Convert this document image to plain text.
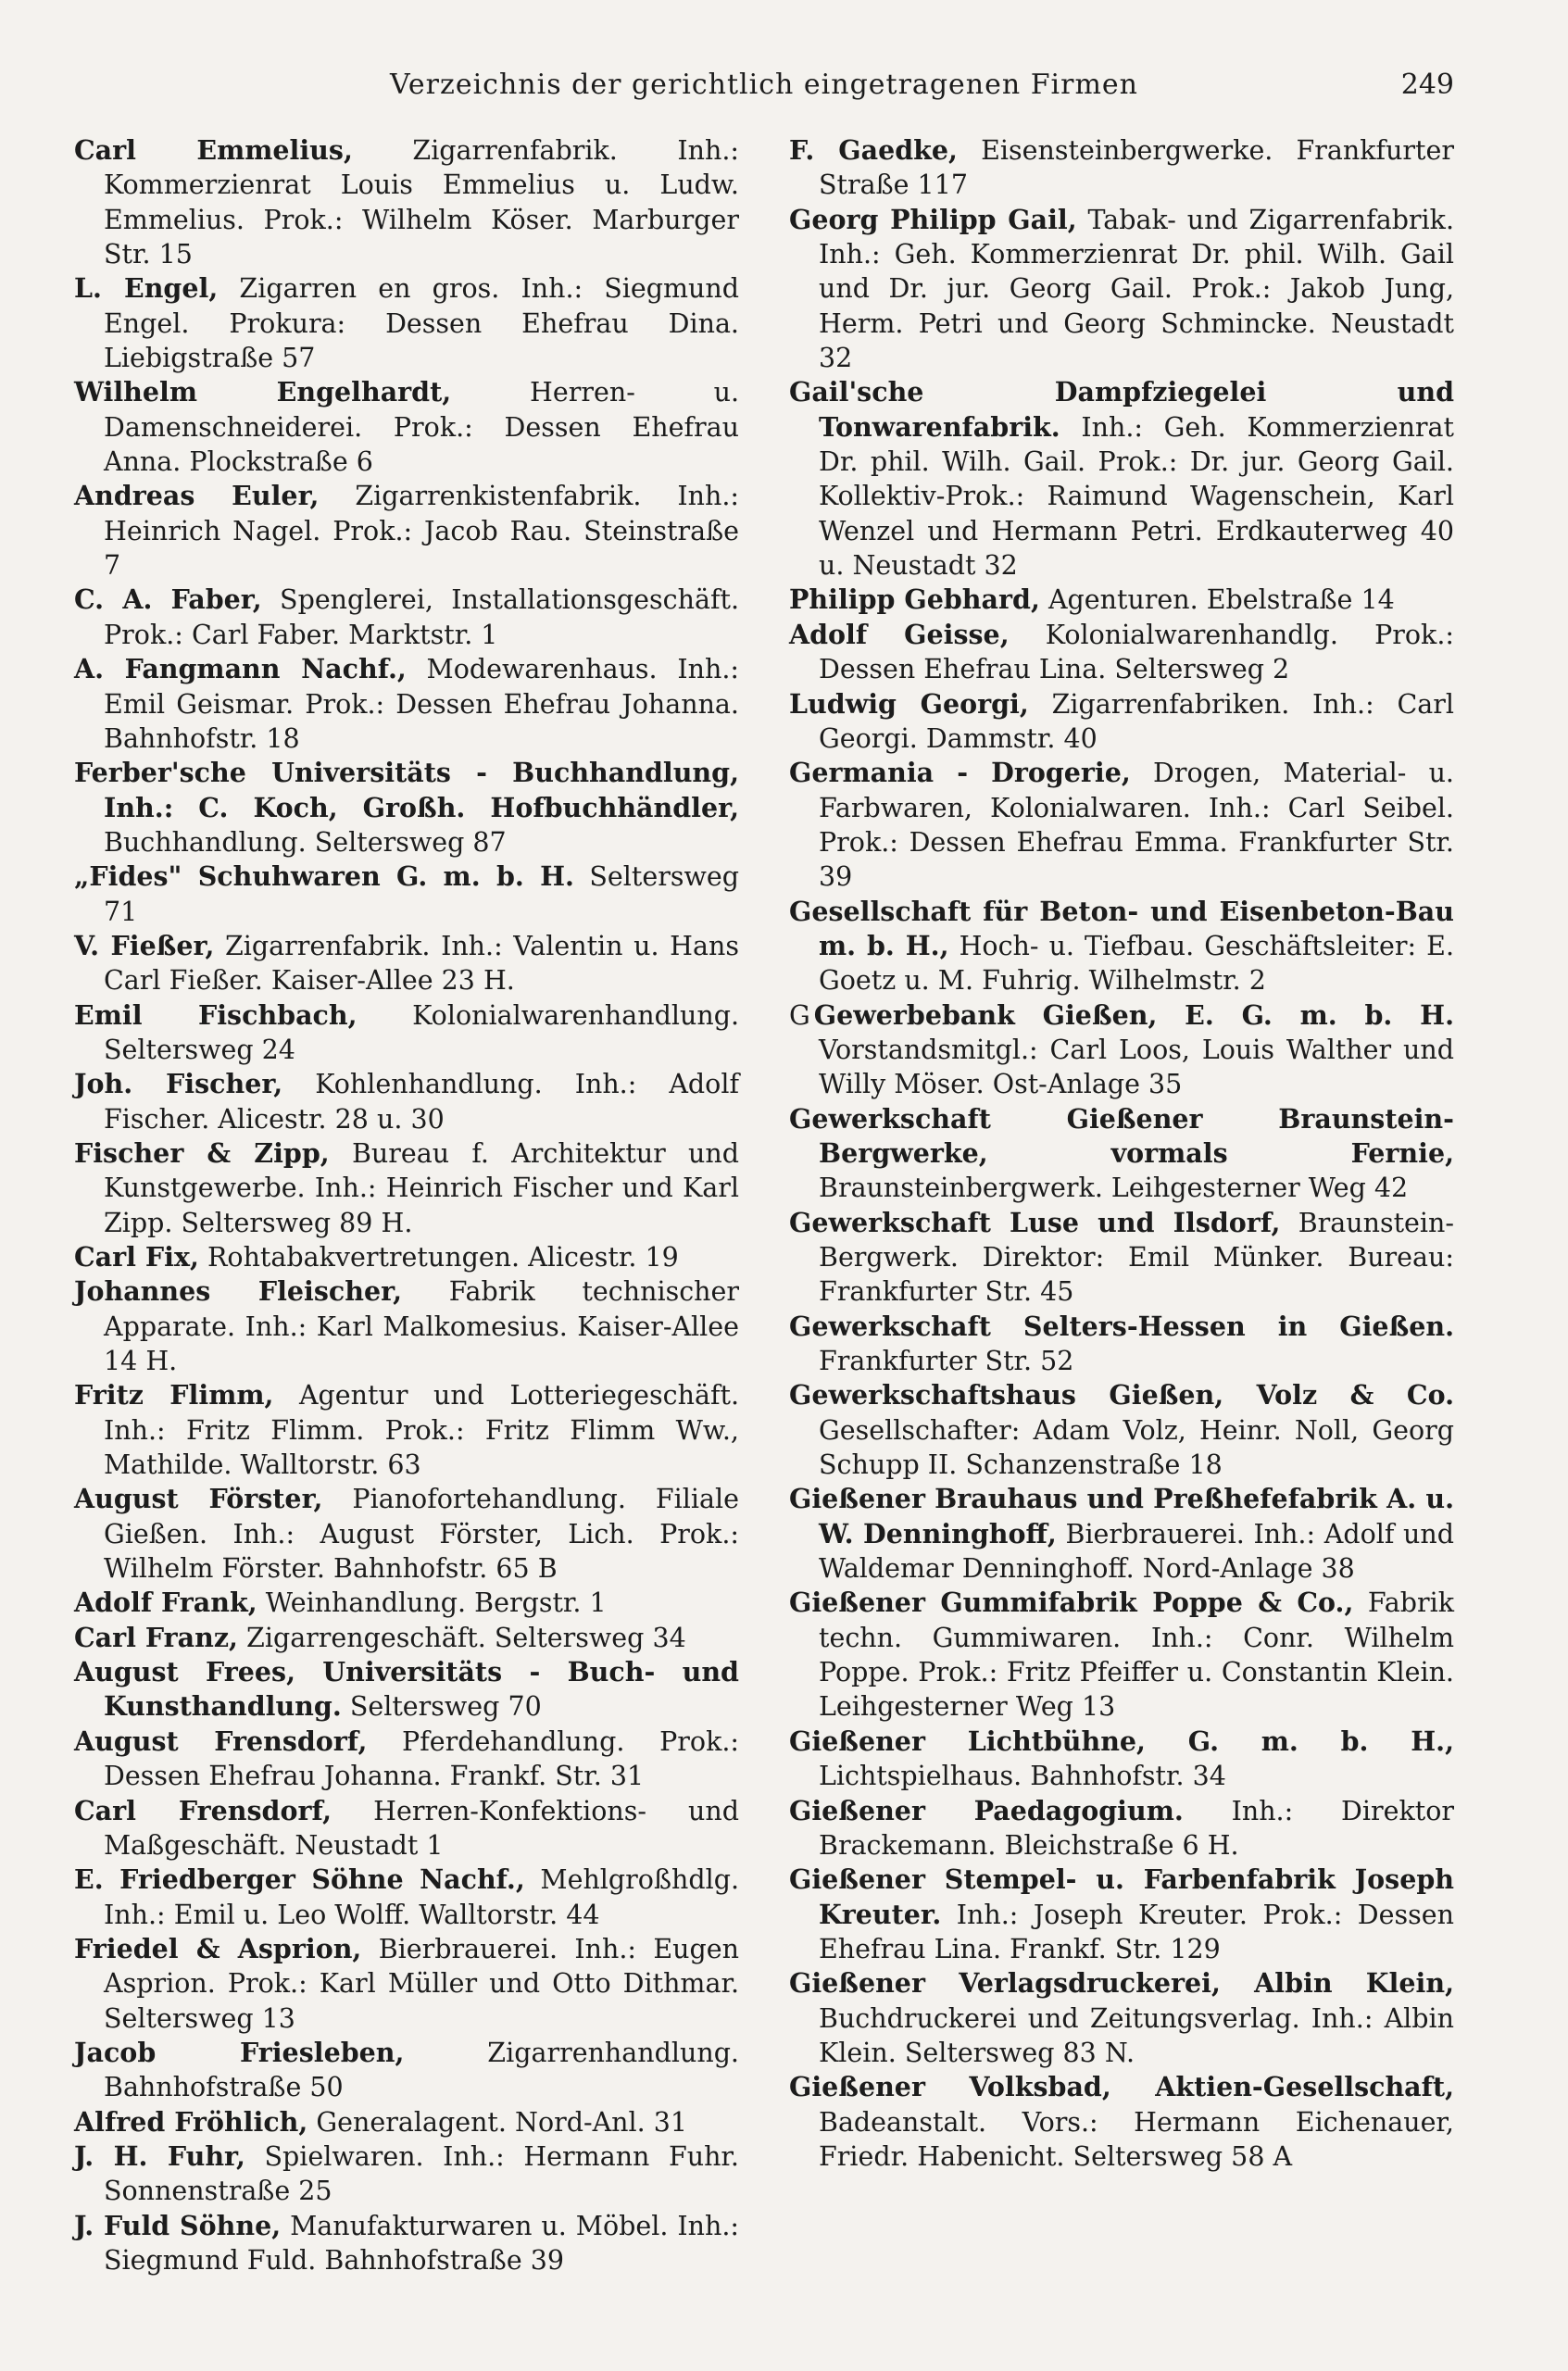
Verzeichnis der gerichtlich eingetragenen Firmen	249

Carl Emmelius, Zigarrenfabrik. Inh.: Kommerzienrat Louis Emmelius u. Ludw. Emmelius. Prok.: Wilhelm Köser. Marburger Str. 15

L. Engel, Zigarren en gros. Inh.: Siegmund Engel. Prokura: Dessen Ehefrau Dina. Liebigstraße 57

Wilhelm Engelhardt,	Herren- u. Damenschneiderei. Prok.: Dessen Ehefrau Anna. Plockstraße 6

Andreas Euler, Zigarrenkistenfabrik. Inh.: Heinrich Nagel. Prok.: Jacob Rau. Steinstraße 7

C. A. Faber, Spenglerei, Installationsgeschäft. Prok.: Carl Faber. Marktstr. 1

A. Fangmann Nachf., Modewarenhaus. Inh.: Emil Geismar. Prok.: Dessen Ehefrau Johanna. Bahnhofstr. 18

Ferber'sche Universitäts - Buchhandlung, Inh.: C. Koch, Großh. Hofbuchhändler, Buchhandlung. Seltersweg 87

„Fides" Schuhwaren G. m. b. H. Seltersweg 71

V. Fießer, Zigarrenfabrik. Inh.: Valentin u. Hans Carl Fießer. Kaiser-Allee 23 H.

Emil Fischbach, Kolonialwarenhandlung. Seltersweg 24

Joh. Fischer, Kohlenhandlung. Inh.: Adolf Fischer. Alicestr. 28 u. 30

Fischer & Zipp, Bureau f. Architektur und Kunstgewerbe. Inh.: Heinrich Fischer und Karl Zipp. Seltersweg 89 H.

Carl Fix, Rohtabakvertretungen. Alicestr. 19

Johannes Fleischer, Fabrik technischer Apparate. Inh.: Karl Malkomesius. Kaiser-Allee 14 H.

Fritz Flimm, Agentur und Lotteriegeschäft. Inh.: Fritz Flimm. Prok.: Fritz Flimm Ww., Mathilde. Walltorstr. 63

August Förster, Pianofortehandlung. Filiale Gießen. Inh.: August Förster, Lich. Prok.: Wilhelm Förster. Bahnhofstr. 65 B

Adolf Frank, Weinhandlung. Bergstr. 1

Carl Franz, Zigarrengeschäft. Seltersweg 34

August Frees, Universitäts - Buch- und Kunsthandlung. Seltersweg 70

August Frensdorf, Pferdehandlung. Prok.: Dessen Ehefrau Johanna. Frankf. Str. 31

Carl Frensdorf, Herren-Konfektions- und Maßgeschäft. Neustadt 1

E. Friedberger Söhne Nachf., Mehlgroßhdlg. Inh.: Emil u. Leo Wolff. Walltorstr. 44

Friedel & Asprion, Bierbrauerei. Inh.: Eugen Asprion. Prok.: Karl Müller und Otto Dithmar. Seltersweg 13

Jacob Friesleben,	Zigarrenhandlung. Bahnhofstraße 50

Alfred Fröhlich, Generalagent. Nord-Anl. 31

J. H. Fuhr, Spielwaren. Inh.: Hermann Fuhr. Sonnenstraße 25

J. Fuld Söhne, Manufakturwaren u. Möbel. Inh.: Siegmund Fuld. Bahnhofstraße 39

F. Gaedke, Eisensteinbergwerke. Frankfurter Straße 117

Georg Philipp Gail, Tabak- und Zigarrenfabrik. Inh.: Geh. Kommerzienrat Dr. phil. Wilh. Gail und Dr. jur. Georg Gail. Prok.: Jakob Jung, Herm. Petri und Georg Schmincke. Neustadt 32

Gail'sche Dampfziegelei und Tonwarenfabrik. Inh.: Geh. Kommerzienrat Dr. phil. Wilh. Gail. Prok.: Dr. jur. Georg Gail. Kollektiv-Prok.: Raimund Wagenschein, Karl Wenzel und Hermann Petri. Erdkauterweg 40 u. Neustadt 32

Philipp Gebhard, Agenturen. Ebelstraße 14

Adolf Geisse, Kolonialwarenhandlg. Prok.: Dessen Ehefrau Lina. Seltersweg 2

Ludwig Georgi, Zigarrenfabriken. Inh.: Carl Georgi. Dammstr. 40

Germania - Drogerie, Drogen, Material- u. Farbwaren, Kolonialwaren. Inh.: Carl Seibel. Prok.: Dessen Ehefrau Emma. Frankfurter Str. 39

Gesellschaft für Beton- und Eisenbeton-Bau m. b. H., Hoch- u. Tiefbau. Geschäftsleiter: E. Goetz u. M. Fuhrig. Wilhelmstr. 2

G Gewerbebank Gießen, E. G. m. b. H. Vorstandsmitgl.: Carl Loos, Louis Walther und Willy Möser. Ost-Anlage 35

Gewerkschaft Gießener Braunstein-Bergwerke, vormals Fernie, Braunsteinbergwerk. Leihgesterner Weg 42

Gewerkschaft Luse und Ilsdorf, Braunstein-Bergwerk. Direktor: Emil Münker. Bureau: Frankfurter Str. 45

Gewerkschaft Selters-Hessen in Gießen. Frankfurter Str. 52

Gewerkschaftshaus Gießen, Volz & Co. Gesellschafter: Adam Volz, Heinr. Noll, Georg Schupp II. Schanzenstraße 18

Gießener Brauhaus und Preßhefefabrik A. u. W. Denninghoff, Bierbrauerei. Inh.: Adolf und Waldemar Denninghoff. Nord-Anlage 38

Gießener Gummifabrik Poppe & Co., Fabrik techn. Gummiwaren. Inh.: Conr. Wilhelm Poppe. Prok.: Fritz Pfeiffer u. Constantin Klein. Leihgesterner Weg 13

Gießener Lichtbühne, G. m. b. H., Lichtspielhaus. Bahnhofstr. 34

Gießener Paedagogium. Inh.: Direktor Brackemann. Bleichstraße 6 H.

Gießener Stempel- u. Farbenfabrik Joseph Kreuter. Inh.: Joseph Kreuter. Prok.: Dessen Ehefrau Lina. Frankf. Str. 129

Gießener Verlagsdruckerei, Albin Klein, Buchdruckerei und Zeitungsverlag. Inh.: Albin Klein. Seltersweg 83 N.

Gießener Volksbad, Aktien-Gesellschaft, Badeanstalt. Vors.: Hermann Eichenauer, Friedr. Habenicht. Seltersweg 58 A
